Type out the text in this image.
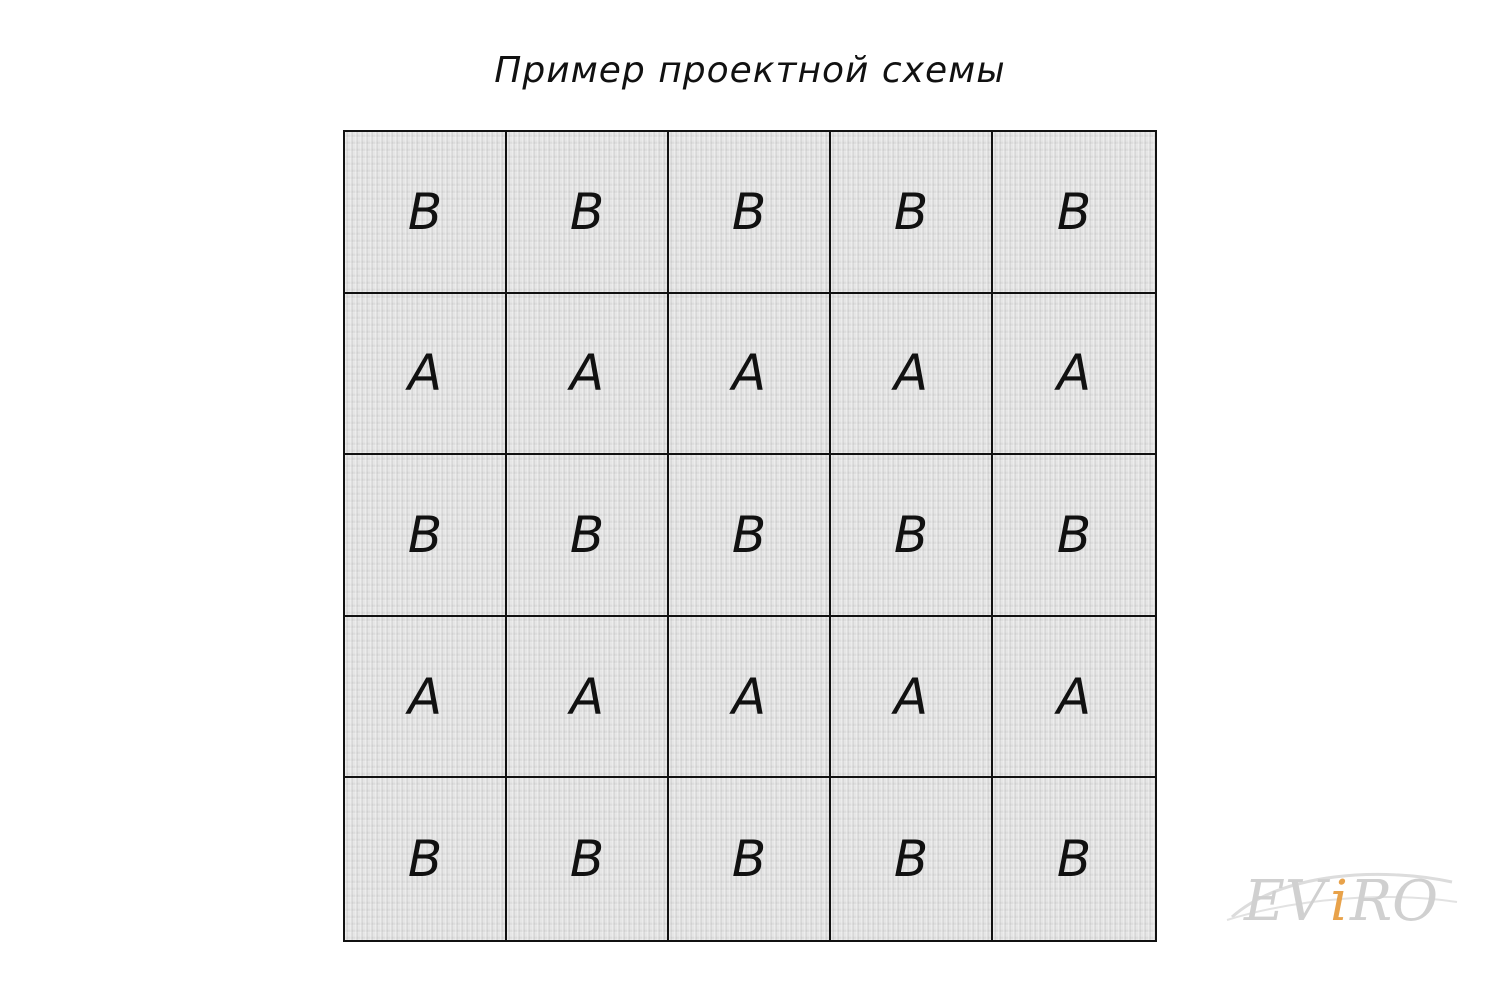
Пример проектной схемы
B	B	B	B	B
A	A	A	A	A
B	B	B	B	B
A	A	A	A	A
B	B	B	B	B
EV i RO
